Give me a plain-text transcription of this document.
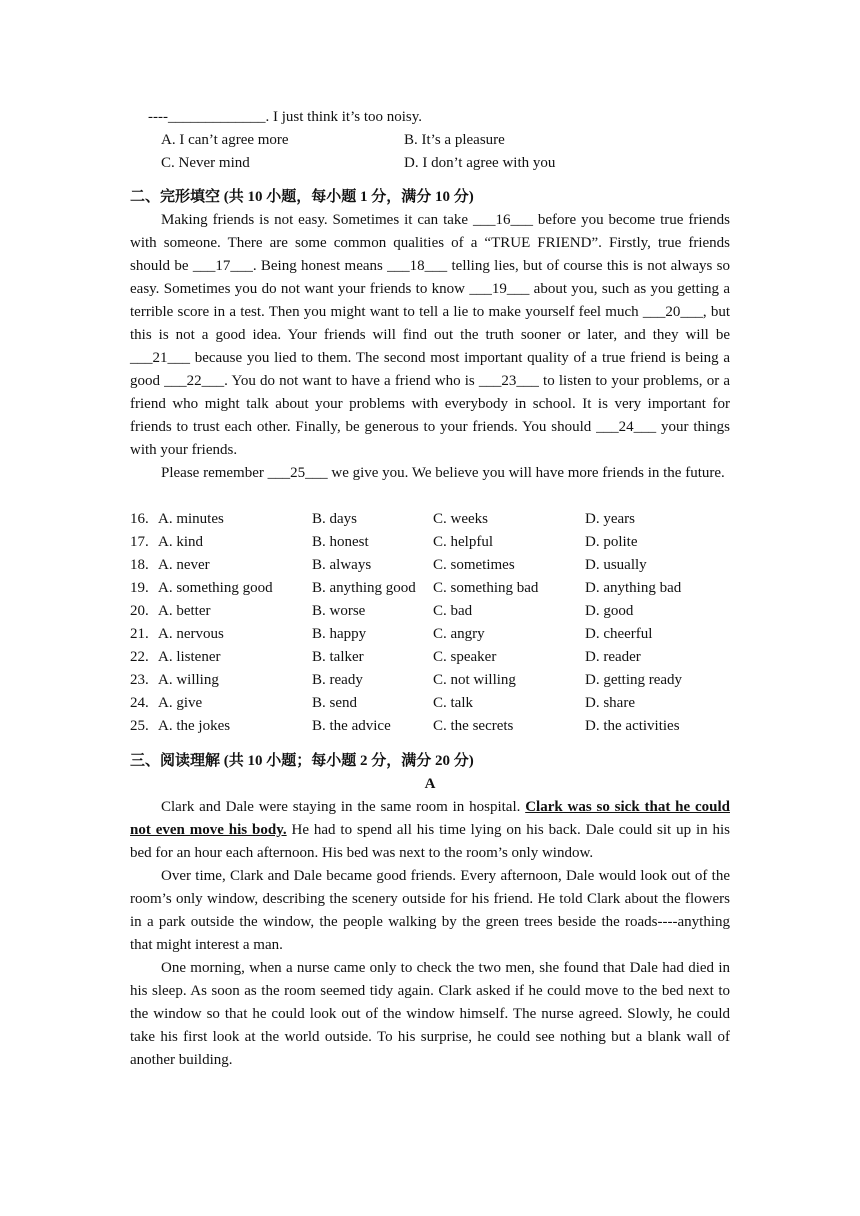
----_____________. I just think it’s too noisy.
A. I can’t agree more	B. It’s a pleasure
C. Never mind	D. I don’t agree with you
二、完形填空 (共 10 小题，每小题 1 分，满分 10 分)
Making friends is not easy. Sometimes it can take ___16___ before you become true friends with someone. There are some common qualities of a “TRUE FRIEND”. Firstly, true friends should be ___17___. Being honest means ___18___ telling lies, but of course this is not always so easy. Sometimes you do not want your friends to know ___19___ about you, such as you getting a terrible score in a test. Then you might want to tell a lie to make yourself feel much ___20___, but this is not a good idea. Your friends will find out the truth sooner or later, and they will be ___21___ because you lied to them. The second most important quality of a true friend is being a good ___22___. You do not want to have a friend who is ___23___ to listen to your problems, or a friend who might talk about your problems with everybody in school. It is very important for friends to trust each other. Finally, be generous to your friends. You should ___24___ your things with your friends.
Please remember ___25___ we give you. We believe you will have more friends in the future.
16. A. minutes	B. days	C. weeks	D. years
17. A. kind	B. honest	C. helpful	D. polite
18. A. never	B. always	C. sometimes	D. usually
19. A. something good	B. anything good	C. something bad	D. anything bad
20. A. better	B. worse	C. bad	D. good
21. A. nervous	B. happy	C. angry	D. cheerful
22. A. listener	B. talker	C. speaker	D. reader
23. A. willing	B. ready	C. not willing	D. getting ready
24. A. give	B. send	C. talk	D. share
25. A. the jokes	B. the advice	C. the secrets	D. the activities
三、阅读理解 (共 10 小题；每小题 2 分，满分 20 分)
A
Clark and Dale were staying in the same room in hospital. Clark was so sick that he could not even move his body. He had to spend all his time lying on his back. Dale could sit up in his bed for an hour each afternoon. His bed was next to the room’s only window.
Over time, Clark and Dale became good friends. Every afternoon, Dale would look out of the room’s only window, describing the scenery outside for his friend. He told Clark about the flowers in a park outside the window, the people walking by the green trees beside the roads----anything that might interest a man.
One morning, when a nurse came only to check the two men, she found that Dale had died in his sleep. As soon as the room seemed tidy again. Clark asked if he could move to the bed next to the window so that he could look out of the window himself. The nurse agreed. Slowly, he could take his first look at the world outside. To his surprise, he could see nothing but a blank wall of another building.
